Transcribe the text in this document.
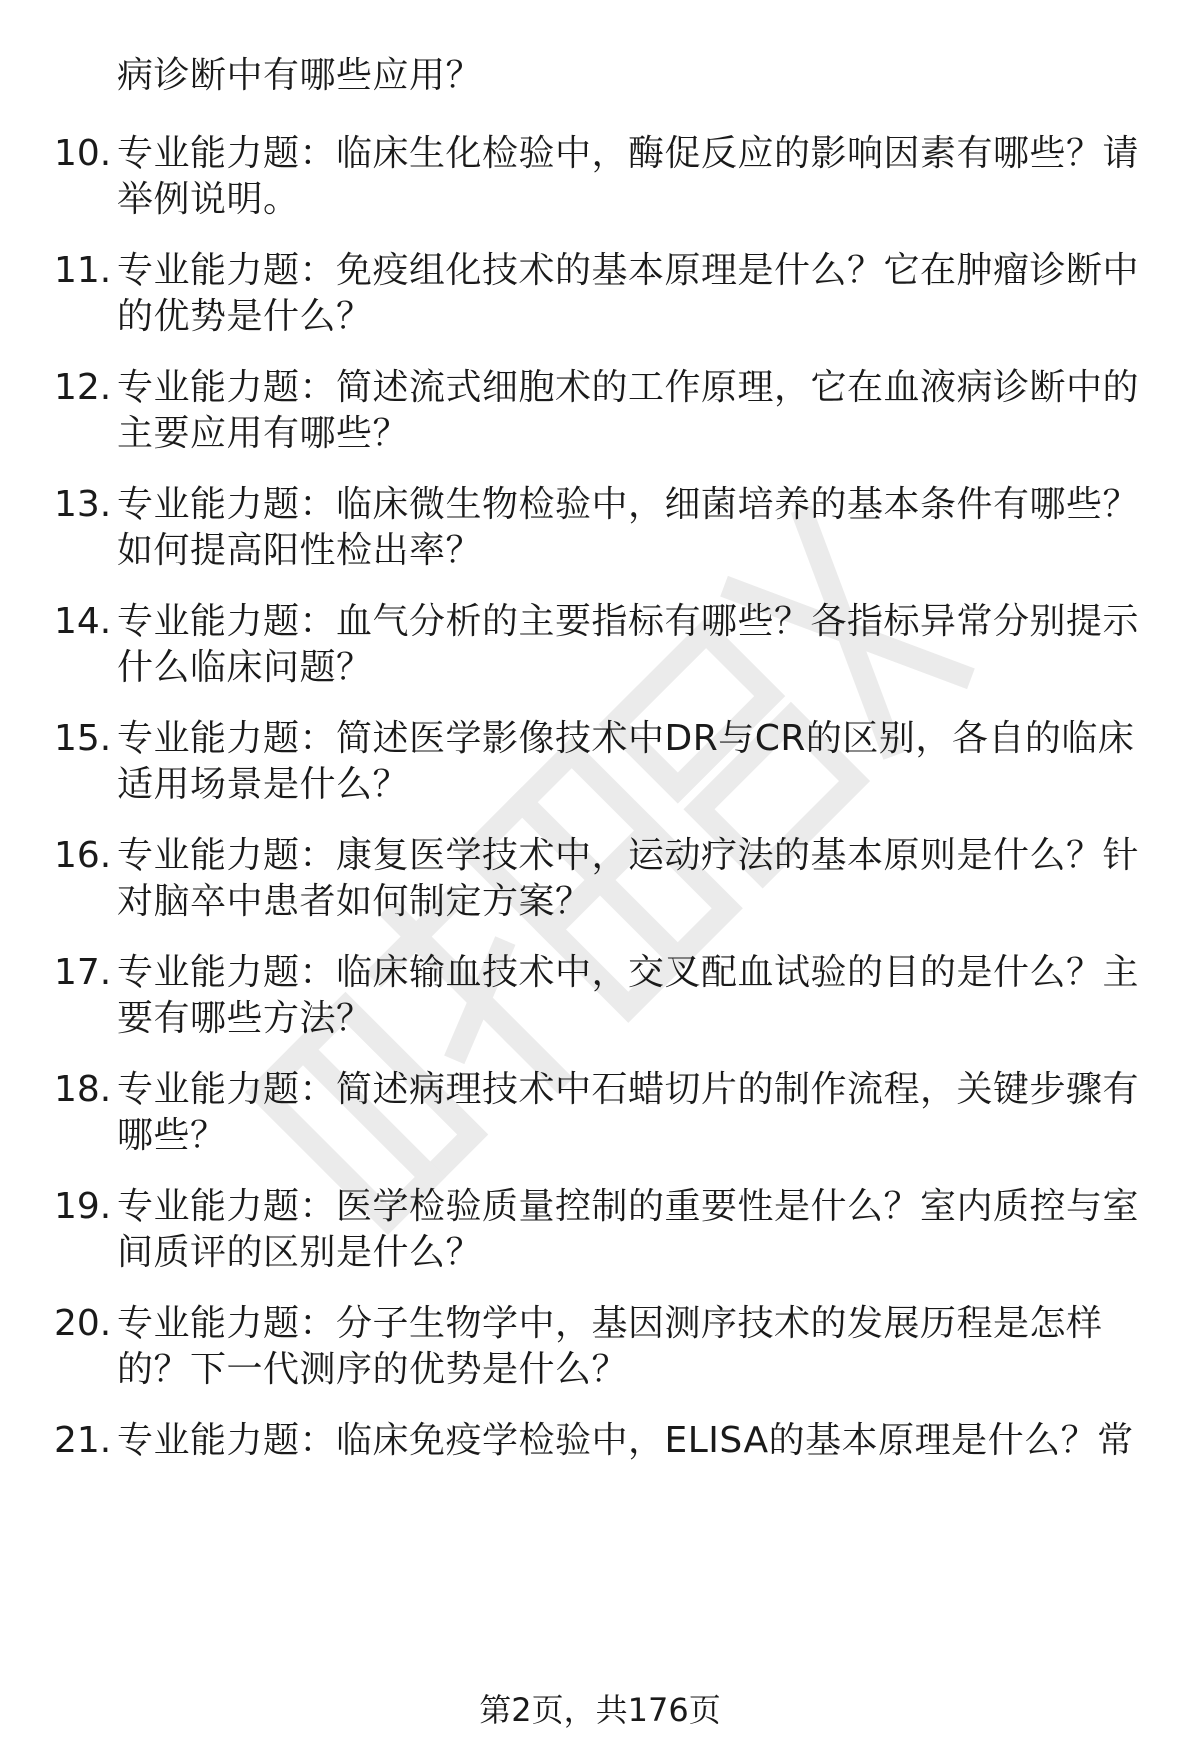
病诊断中有哪些应用？
10. 专业能力题：临床生化检验中，酶促反应的影响因素有哪些？请
举例说明。
11. 专业能力题：免疫组化技术的基本原理是什么？它在肿瘤诊断中
的优势是什么？
12. 专业能力题：简述流式细胞术的工作原理，它在血液病诊断中的
主要应用有哪些？
13. 专业能力题：临床微生物检验中，细菌培养的基本条件有哪些？
如何提高阳性检出率？
14. 专业能力题：血气分析的主要指标有哪些？各指标异常分别提示
什么临床问题？
15. 专业能力题：简述医学影像技术中DR与CR的区别，各自的临床
适用场景是什么？
16. 专业能力题：康复医学技术中，运动疗法的基本原则是什么？针
对脑卒中患者如何制定方案？
17. 专业能力题：临床输血技术中，交叉配血试验的目的是什么？主
要有哪些方法？
18. 专业能力题：简述病理技术中石蜡切片的制作流程，关键步骤有
哪些？
19. 专业能力题：医学检验质量控制的重要性是什么？室内质控与室
间质评的区别是什么？
20. 专业能力题：分子生物学中，基因测序技术的发展历程是怎样
的？下一代测序的优势是什么？
21. 专业能力题：临床免疫学检验中，ELISA的基本原理是什么？常
第2页，共176页
